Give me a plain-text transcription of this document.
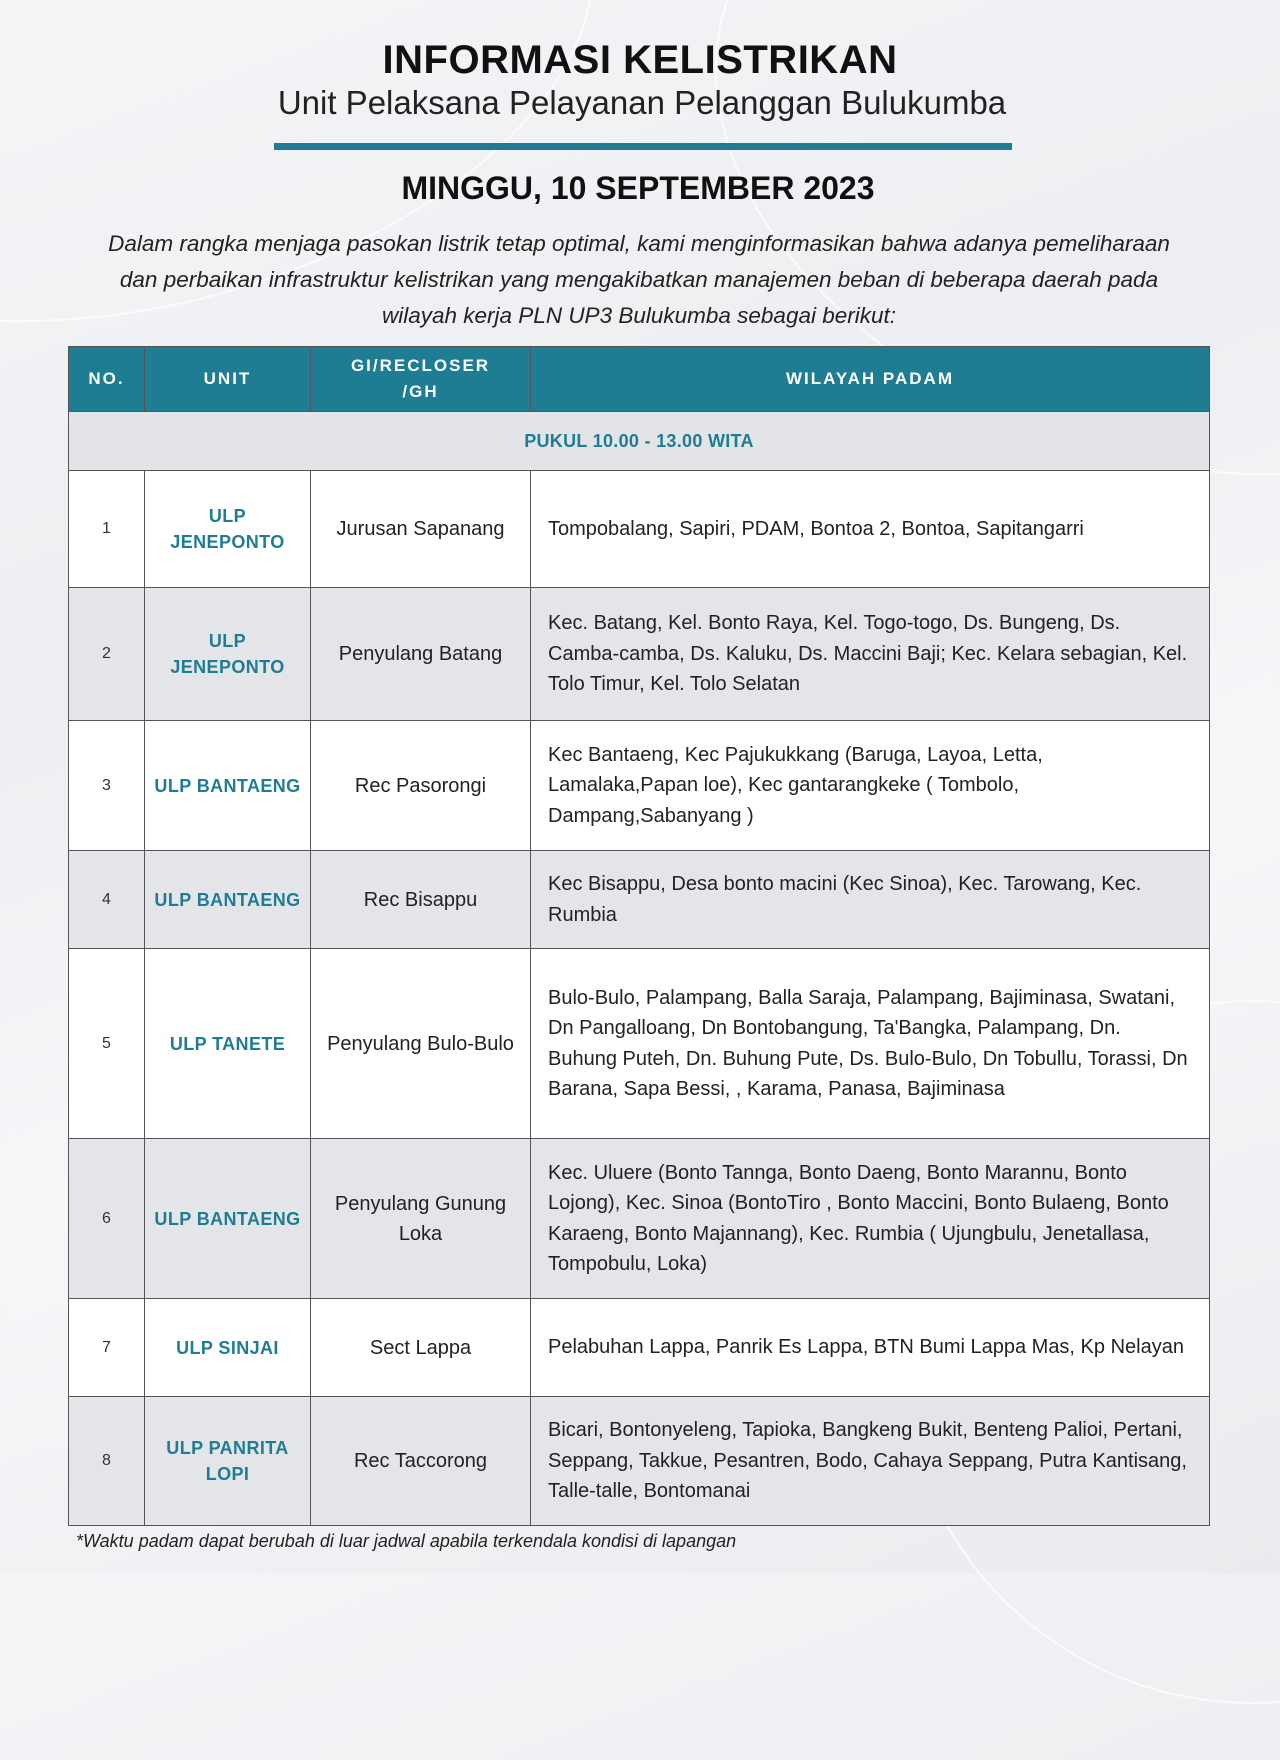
INFORMASI KELISTRIKAN
Unit Pelaksana Pelayanan Pelanggan Bulukumba
MINGGU, 10 SEPTEMBER 2023
Dalam rangka menjaga pasokan listrik tetap optimal, kami menginformasikan bahwa adanya pemeliharaan dan perbaikan infrastruktur kelistrikan yang mengakibatkan manajemen beban di beberapa daerah pada wilayah kerja PLN UP3 Bulukumba sebagai berikut:
NO.	UNIT	GI/RECLOSER /GH	WILAYAH PADAM
PUKUL 10.00 - 13.00 WITA			
1	ULP JENEPONTO	Jurusan Sapanang	Tompobalang, Sapiri, PDAM, Bontoa 2, Bontoa, Sapitangarri
2	ULP JENEPONTO	Penyulang Batang	Kec. Batang, Kel. Bonto Raya, Kel. Togo-togo, Ds. Bungeng, Ds. Camba-camba, Ds. Kaluku, Ds. Maccini Baji; Kec. Kelara sebagian, Kel. Tolo Timur, Kel. Tolo Selatan
3	ULP BANTAENG	Rec Pasorongi	Kec Bantaeng, Kec Pajukukkang (Baruga, Layoa, Letta, Lamalaka,Papan loe), Kec gantarangkeke ( Tombolo, Dampang,Sabanyang )
4	ULP BANTAENG	Rec Bisappu	Kec Bisappu, Desa bonto macini (Kec Sinoa), Kec. Tarowang, Kec. Rumbia
5	ULP TANETE	Penyulang Bulo-Bulo	Bulo-Bulo, Palampang, Balla Saraja, Palampang, Bajiminasa, Swatani, Dn Pangalloang, Dn Bontobangung, Ta'Bangka, Palampang, Dn. Buhung Puteh, Dn. Buhung Pute, Ds. Bulo-Bulo, Dn Tobullu, Torassi, Dn Barana, Sapa Bessi, , Karama, Panasa, Bajiminasa
6	ULP BANTAENG	Penyulang Gunung Loka	Kec. Uluere (Bonto Tannga, Bonto Daeng, Bonto Marannu, Bonto Lojong), Kec. Sinoa (BontoTiro , Bonto Maccini, Bonto Bulaeng, Bonto Karaeng, Bonto Majannang), Kec. Rumbia ( Ujungbulu, Jenetallasa, Tompobulu, Loka)
7	ULP SINJAI	Sect Lappa	Pelabuhan Lappa, Panrik Es Lappa, BTN Bumi Lappa Mas, Kp Nelayan
8	ULP PANRITA LOPI	Rec Taccorong	Bicari, Bontonyeleng, Tapioka, Bangkeng Bukit, Benteng Palioi, Pertani, Seppang, Takkue, Pesantren, Bodo, Cahaya Seppang, Putra Kantisang, Talle-talle, Bontomanai
*Waktu padam dapat berubah di luar jadwal apabila terkendala kondisi di lapangan
